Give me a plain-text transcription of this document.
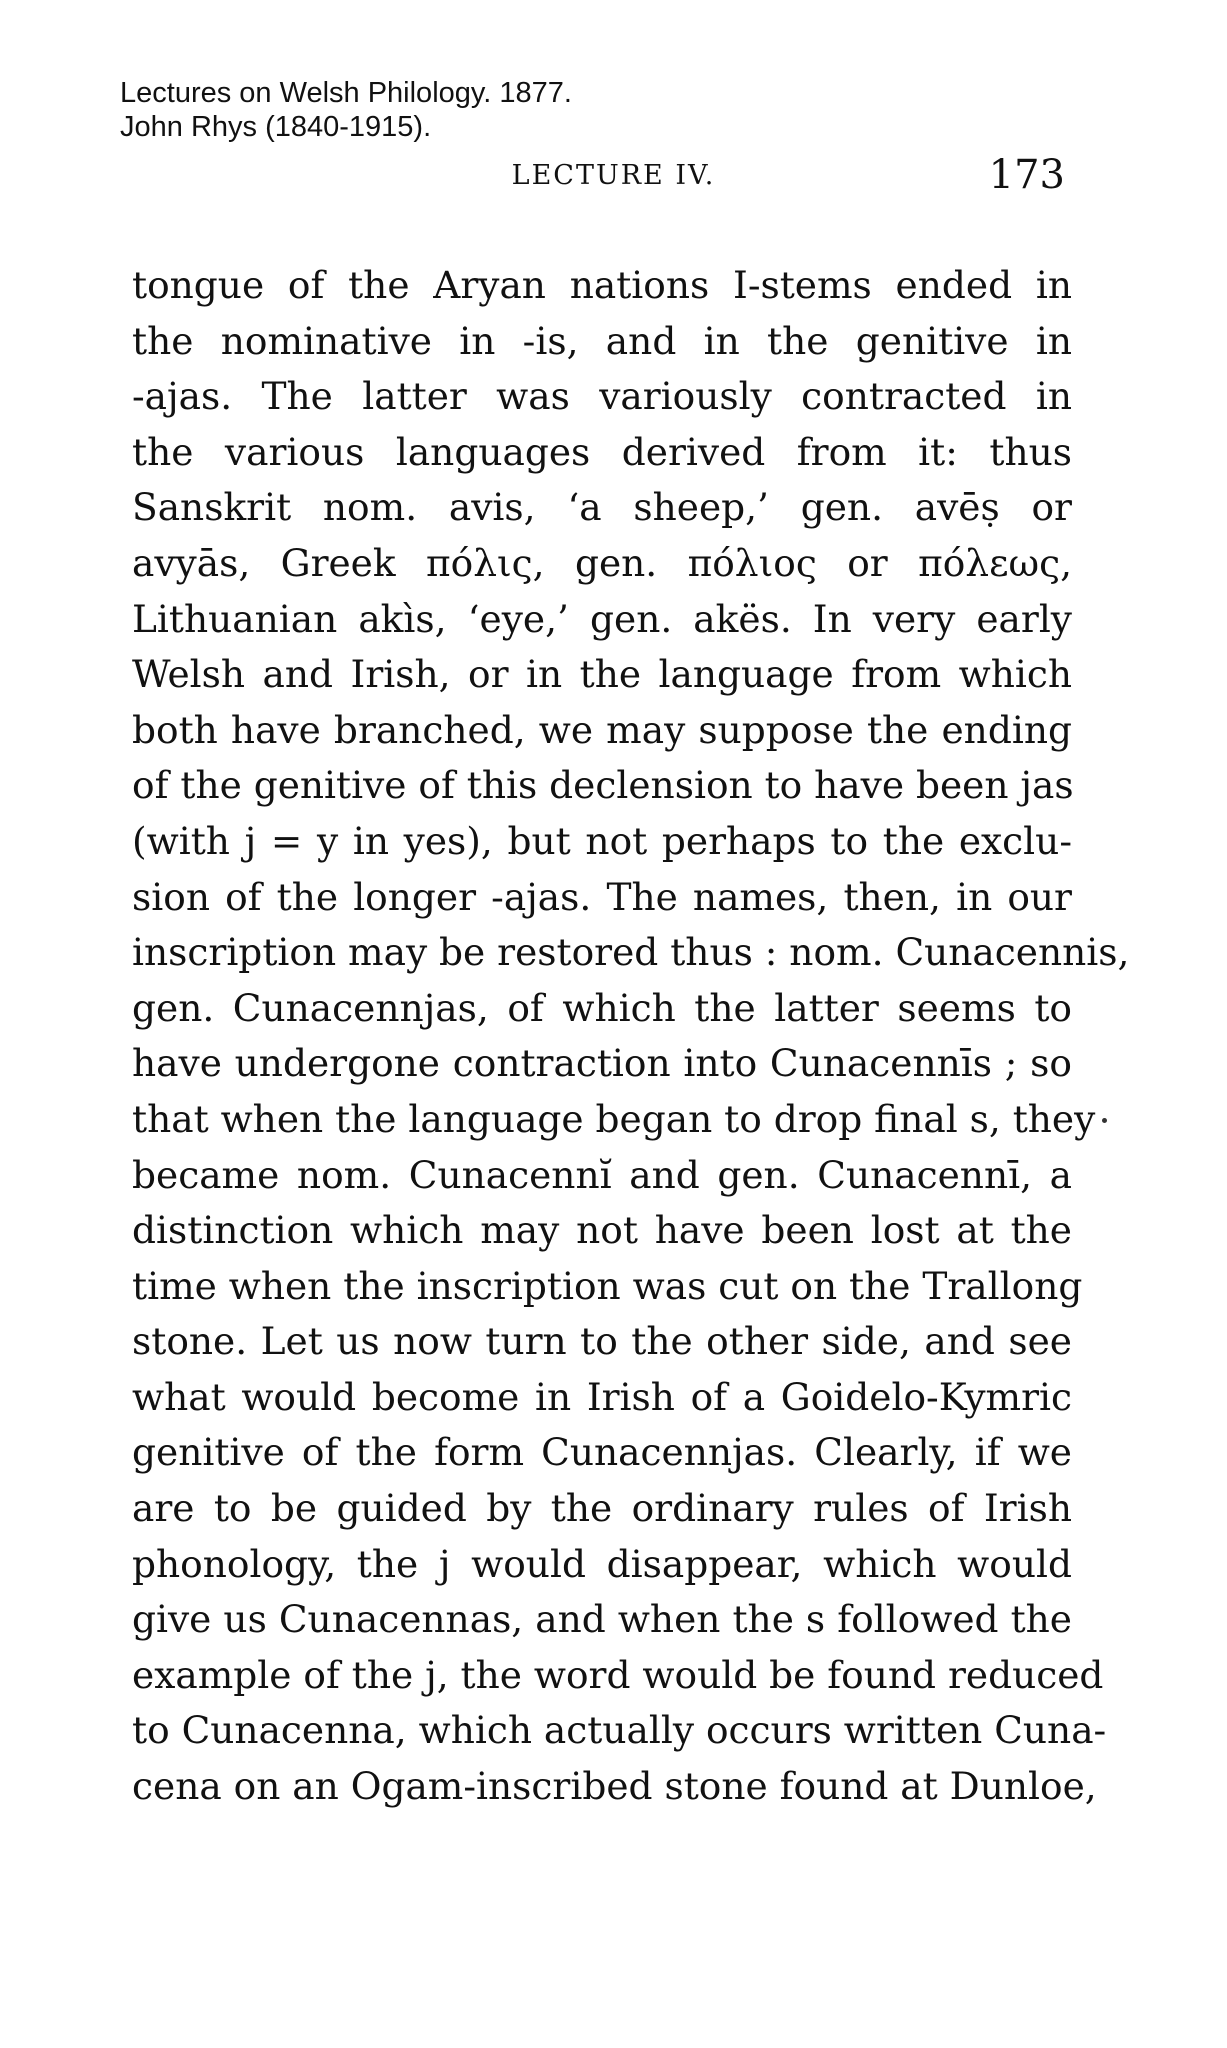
Lectures on Welsh Philology. 1877.
John Rhys (1840-1915).
LECTURE IV.	173
tongue of the Aryan nations I-stems ended in
the nominative in -is, and in the genitive in
-ajas. The latter was variously contracted in
the various languages derived from it: thus
Sanskrit nom. avis, ‘a sheep,’ gen. avēṣ or
avyās, Greek πόλις, gen. πόλιος or πόλεως,
Lithuanian akìs, ‘eye,’ gen. akës. In very early
Welsh and Irish, or in the language from which
both have branched, we may suppose the ending
of the genitive of this declension to have been jas
(with j = y in yes), but not perhaps to the exclu-
sion of the longer -ajas. The names, then, in our
inscription may be restored thus : nom. Cunacennis,
gen. Cunacennjas, of which the latter seems to
have undergone contraction into Cunacennīs ; so
that when the language began to drop final s, they
became nom. Cunacennĭ and gen. Cunacennī, a
distinction which may not have been lost at the
time when the inscription was cut on the Trallong
stone. Let us now turn to the other side, and see
what would become in Irish of a Goidelo-Kymric
genitive of the form Cunacennjas. Clearly, if we
are to be guided by the ordinary rules of Irish
phonology, the j would disappear, which would
give us Cunacennas, and when the s followed the
example of the j, the word would be found reduced
to Cunacenna, which actually occurs written Cuna-
cena on an Ogam-inscribed stone found at Dunloe,
